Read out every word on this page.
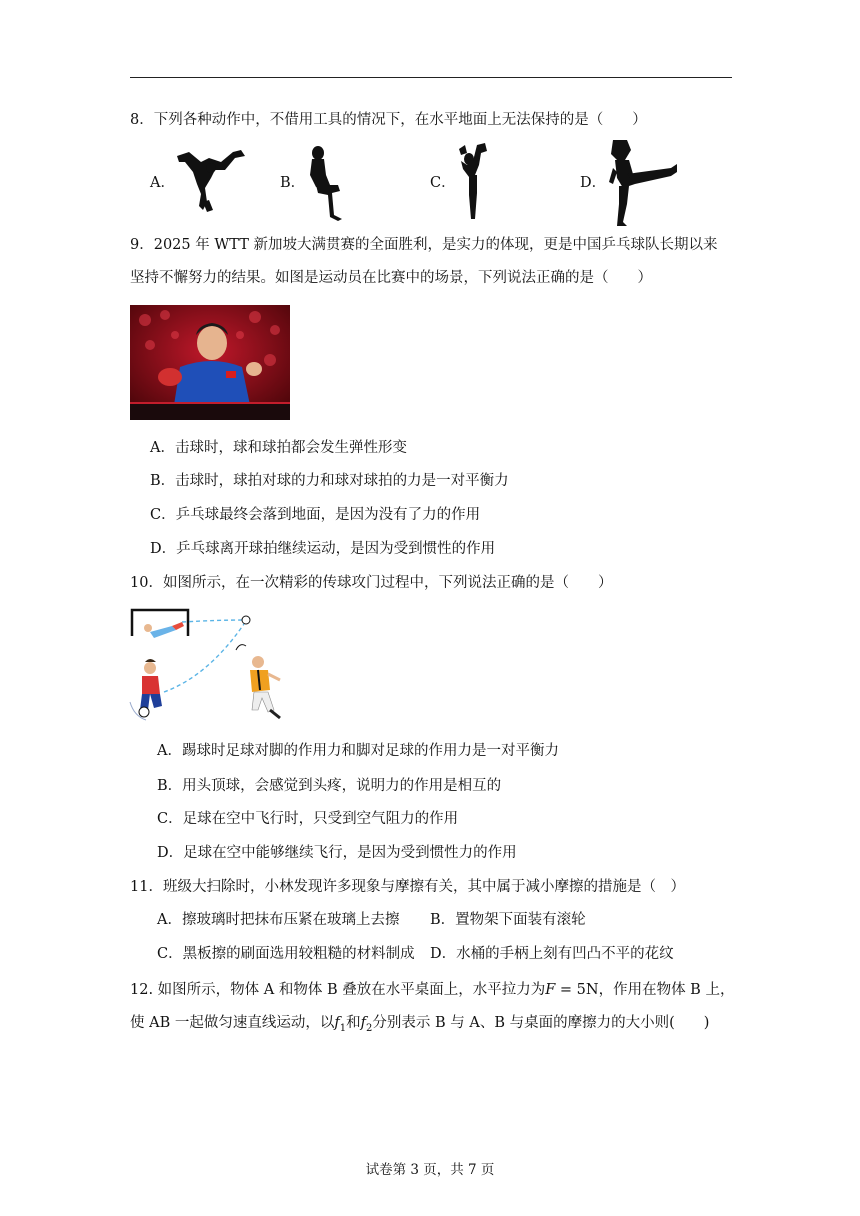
8．下列各种动作中，不借用工具的情况下，在水平地面上无法保持的是（　　）
A．	B．	C．	D．
9．2025 年 WTT 新加坡大满贯赛的全面胜利，是实力的体现，更是中国乒乓球队长期以来
坚持不懈努力的结果。如图是运动员在比赛中的场景，下列说法正确的是（　　）
A．击球时，球和球拍都会发生弹性形变
B．击球时，球拍对球的力和球对球拍的力是一对平衡力
C．乒乓球最终会落到地面，是因为没有了力的作用
D．乒乓球离开球拍继续运动，是因为受到惯性的作用
10．如图所示，在一次精彩的传球攻门过程中，下列说法正确的是（　　）
A．踢球时足球对脚的作用力和脚对足球的作用力是一对平衡力
B．用头顶球，会感觉到头疼，说明力的作用是相互的
C．足球在空中飞行时，只受到空气阻力的作用
D．足球在空中能够继续飞行，是因为受到惯性力的作用
11．班级大扫除时，小林发现许多现象与摩擦有关，其中属于减小摩擦的措施是（　）
A．擦玻璃时把抹布压紧在玻璃上去擦 B．置物架下面装有滚轮
C．黑板擦的刷面选用较粗糙的材料制成 D．水桶的手柄上刻有凹凸不平的花纹
12. 如图所示，物体 A 和物体 B 叠放在水平桌面上，水平拉力为F = 5N，作用在物体 B 上，
使 AB 一起做匀速直线运动，以$f_1$和$f_2$分别表示 B 与 A、B 与桌面的摩擦力的大小则(　　)
试卷第 3 页，共 7 页
